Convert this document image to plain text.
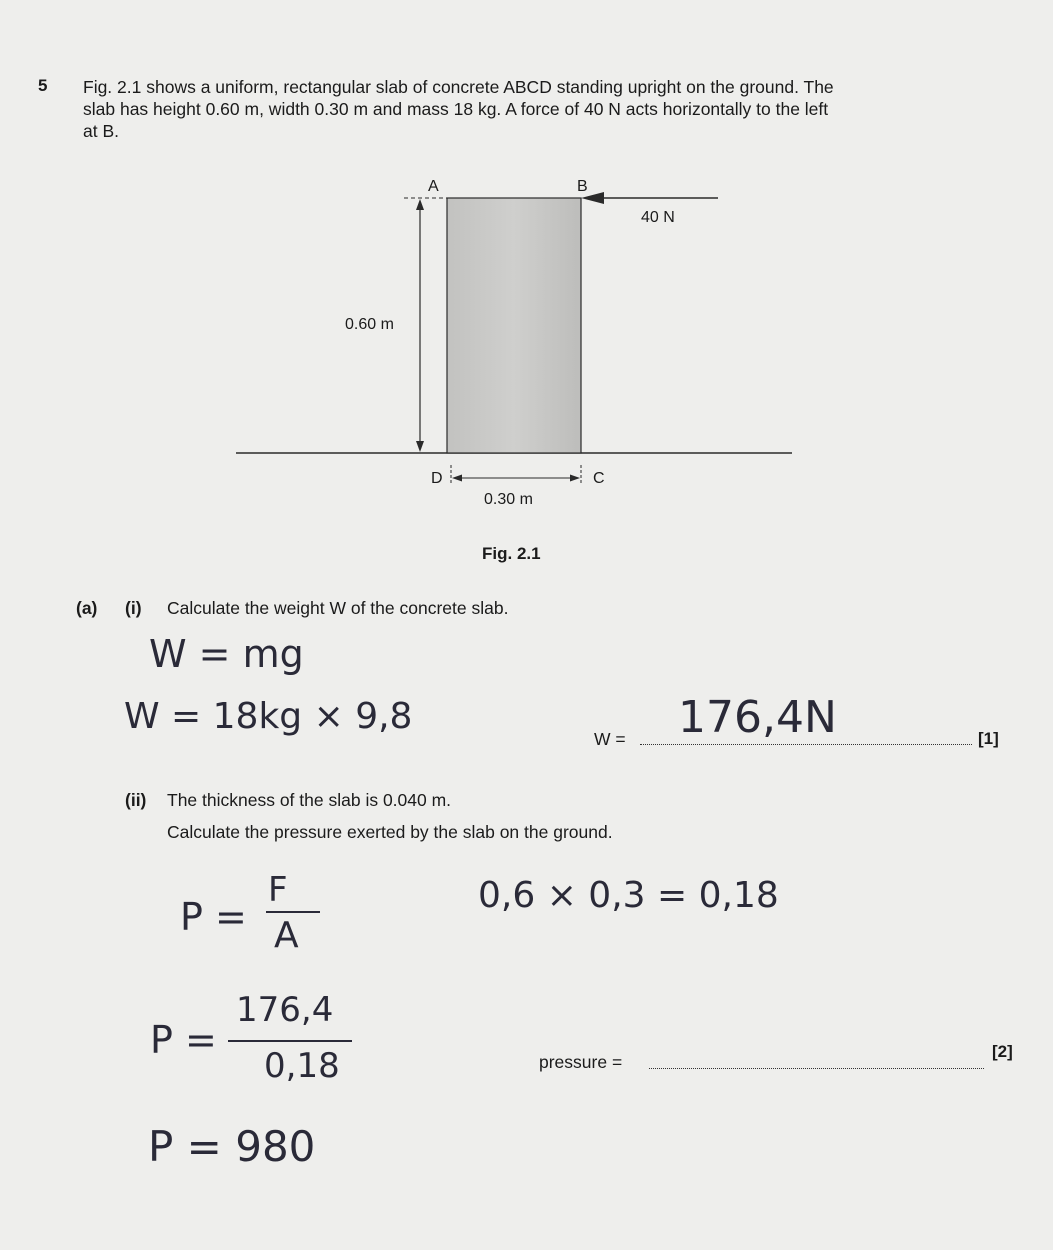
5 Fig. 2.1 shows a uniform, rectangular slab of concrete ABCD standing upright on the ground. The
slab has height 0.60 m, width 0.30 m and mass 18 kg. A force of 40 N acts horizontally to the left
at B.
A	B
C
D
40 N
0.60 m
0.30 m
Fig. 2.1
(a) (i) Calculate the weight W of the concrete slab.
W = mg
W = 18kg × 9,8
W = 176,4N	[1]
(ii) The thickness of the slab is 0.040 m.
Calculate the pressure exerted by the slab on the ground.
P =
F
A
0,6 × 0,3 = 0,18
P =
176,4
0,18	pressure =
[2]
P = 980
